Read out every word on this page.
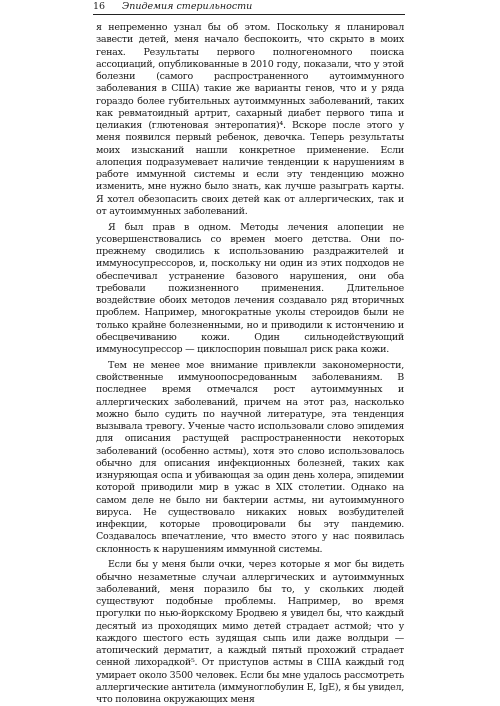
16 Эпидемия стерильности

я непременно узнал бы об этом. Поскольку я планировал завести детей, меня начало беспокоить, что скрыто в моих генах. Результаты первого полногеномного поиска ассоциаций, опубликованные в 2010 году, показали, что у этой болезни (самого распространенного аутоиммунного заболевания в США) такие же варианты генов, что и у ряда гораздо более губительных аутоиммунных заболеваний, таких как ревматоидный артрит, сахарный диабет первого типа и целиакия (глютеновая энтеропатия)⁴. Вскоре после этого у меня появился первый ребенок, девочка. Теперь результаты моих изысканий нашли конкретное применение. Если алопеция подразумевает наличие тенденции к нарушениям в работе иммунной системы и если эту тенденцию можно изменить, мне нужно было знать, как лучше разыграть карты. Я хотел обезопасить своих детей как от аллергических, так и от аутоиммунных заболеваний.

Я был прав в одном. Методы лечения алопеции не усовершенствовались со времен моего детства. Они по-прежнему сводились к использованию раздражителей и иммуносупрессоров, и, поскольку ни один из этих подходов не обеспечивал устранение базового нарушения, они оба требовали пожизненного применения. Длительное воздействие обоих методов лечения создавало ряд вторичных проблем. Например, многократные уколы стероидов были не только крайне болезненными, но и приводили к истончению и обесцвечиванию кожи. Один сильнодействующий иммуносупрессор — циклоспорин повышал риск рака кожи.

Тем не менее мое внимание привлекли закономерности, свойственные иммуноопосредованным заболеваниям. В последнее время отмечался рост аутоиммунных и аллергических заболеваний, причем на этот раз, насколько можно было судить по научной литературе, эта тенденция вызывала тревогу. Ученые часто использовали слово эпидемия для описания растущей распространенности некоторых заболеваний (особенно астмы), хотя это слово использовалось обычно для описания инфекционных болезней, таких как изнуряющая оспа и убивающая за один день холера, эпидемии которой приводили мир в ужас в XIX столетии. Однако на самом деле не было ни бактерии астмы, ни аутоиммунного вируса. Не существовало никаких новых возбудителей инфекции, которые провоцировали бы эту пандемию. Создавалось впечатление, что вместо этого у нас появилась склонность к нарушениям иммунной системы.

Если бы у меня были очки, через которые я мог бы видеть обычно незаметные случаи аллергических и аутоиммунных заболеваний, меня поразило бы то, у скольких людей существуют подобные проблемы. Например, во время прогулки по нью-йоркскому Бродвею я увидел бы, что каждый десятый из проходящих мимо детей страдает астмой; что у каждого шестого есть зудящая сыпь или даже волдыри — атопический дерматит, а каждый пятый прохожий страдает сенной лихорадкой⁵. От приступов астмы в США каждый год умирает около 3500 человек. Если бы мне удалось рассмотреть аллергические антитела (иммуноглобулин Е, IgE), я бы увидел, что половина окружающих меня
